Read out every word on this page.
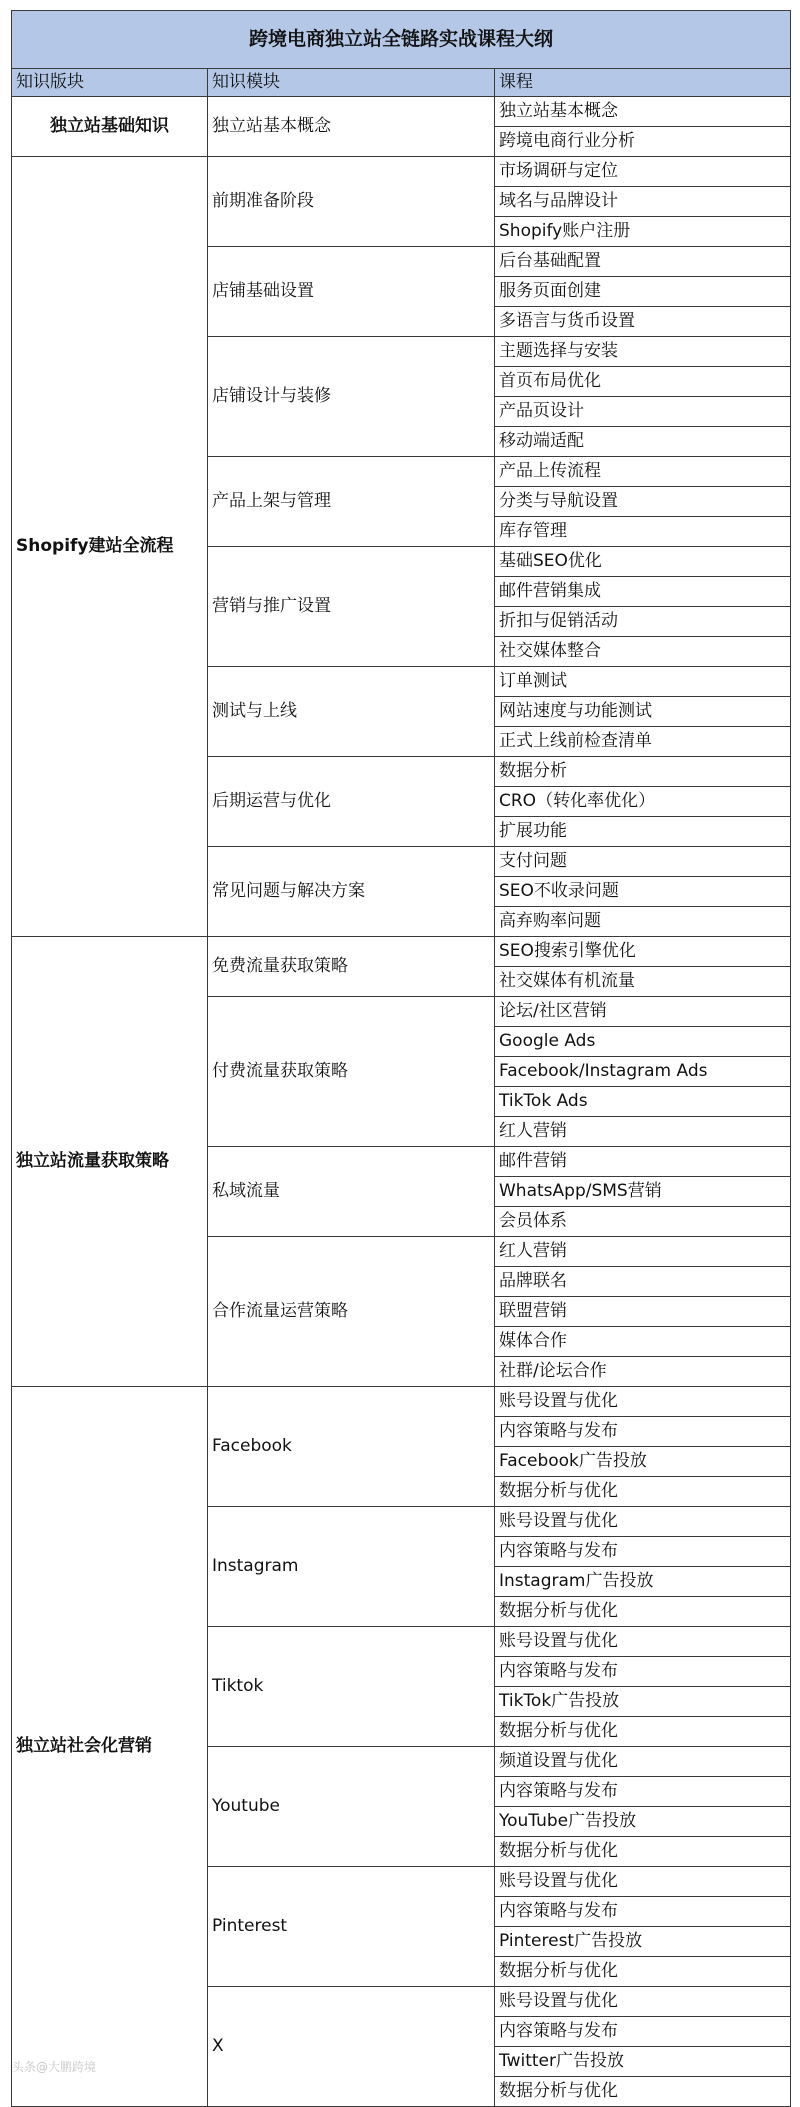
跨境电商独立站全链路实战课程大纲		
知识版块	知识模块	课程
独立站基础知识	独立站基本概念	独立站基本概念
		跨境电商行业分析
Shopify建站全流程	前期准备阶段	市场调研与定位
		域名与品牌设计
		Shopify账户注册
	店铺基础设置	后台基础配置
		服务页面创建
		多语言与货币设置
	店铺设计与装修	主题选择与安装
		首页布局优化
		产品页设计
		移动端适配
	产品上架与管理	产品上传流程
		分类与导航设置
		库存管理
	营销与推广设置	基础SEO优化
		邮件营销集成
		折扣与促销活动
		社交媒体整合
	测试与上线	订单测试
		网站速度与功能测试
		正式上线前检查清单
	后期运营与优化	数据分析
		CRO（转化率优化）
		扩展功能
	常见问题与解决方案	支付问题
		SEO不收录问题
		高弃购率问题
独立站流量获取策略	免费流量获取策略	SEO搜索引擎优化
		社交媒体有机流量
	付费流量获取策略	论坛/社区营销
		Google Ads
		Facebook/Instagram Ads
		TikTok Ads
		红人营销
	私域流量	邮件营销
		WhatsApp/SMS营销
		会员体系
	合作流量运营策略	红人营销
		品牌联名
		联盟营销
		媒体合作
		社群/论坛合作
独立站社会化营销	Facebook	账号设置与优化
		内容策略与发布
		Facebook广告投放
		数据分析与优化
	Instagram	账号设置与优化
		内容策略与发布
		Instagram广告投放
		数据分析与优化
	Tiktok	账号设置与优化
		内容策略与发布
		TikTok广告投放
		数据分析与优化
	Youtube	频道设置与优化
		内容策略与发布
		YouTube广告投放
		数据分析与优化
	Pinterest	账号设置与优化
		内容策略与发布
		Pinterest广告投放
		数据分析与优化
	X	账号设置与优化
		内容策略与发布
		Twitter广告投放
		数据分析与优化
头条@大鹏跨境
